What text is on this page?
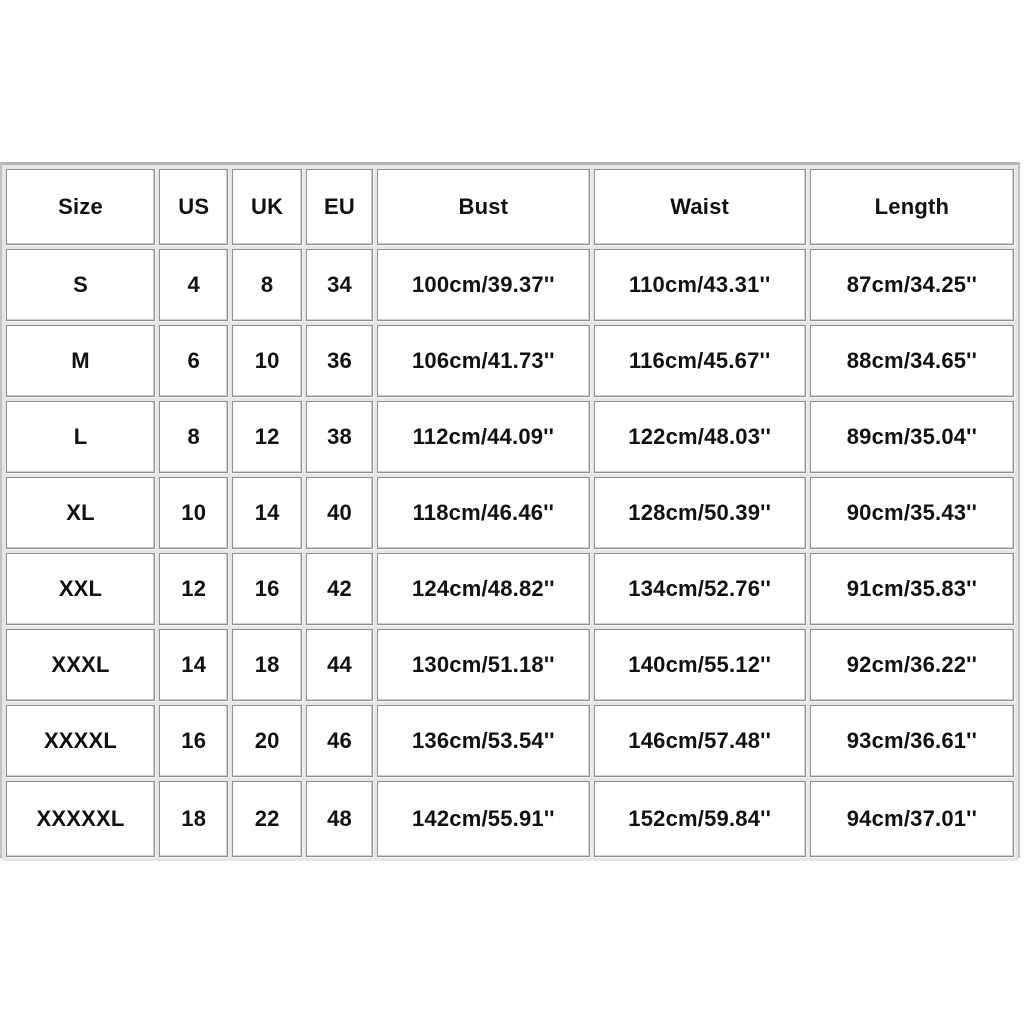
Size	US	UK	EU	Bust	Waist	Length
S	4	8	34	100cm/39.37''	110cm/43.31''	87cm/34.25''
M	6	10	36	106cm/41.73''	116cm/45.67''	88cm/34.65''
L	8	12	38	112cm/44.09''	122cm/48.03''	89cm/35.04''
XL	10	14	40	118cm/46.46''	128cm/50.39''	90cm/35.43''
XXL	12	16	42	124cm/48.82''	134cm/52.76''	91cm/35.83''
XXXL	14	18	44	130cm/51.18''	140cm/55.12''	92cm/36.22''
XXXXL	16	20	46	136cm/53.54''	146cm/57.48''	93cm/36.61''
XXXXXL	18	22	48	142cm/55.91''	152cm/59.84''	94cm/37.01''
